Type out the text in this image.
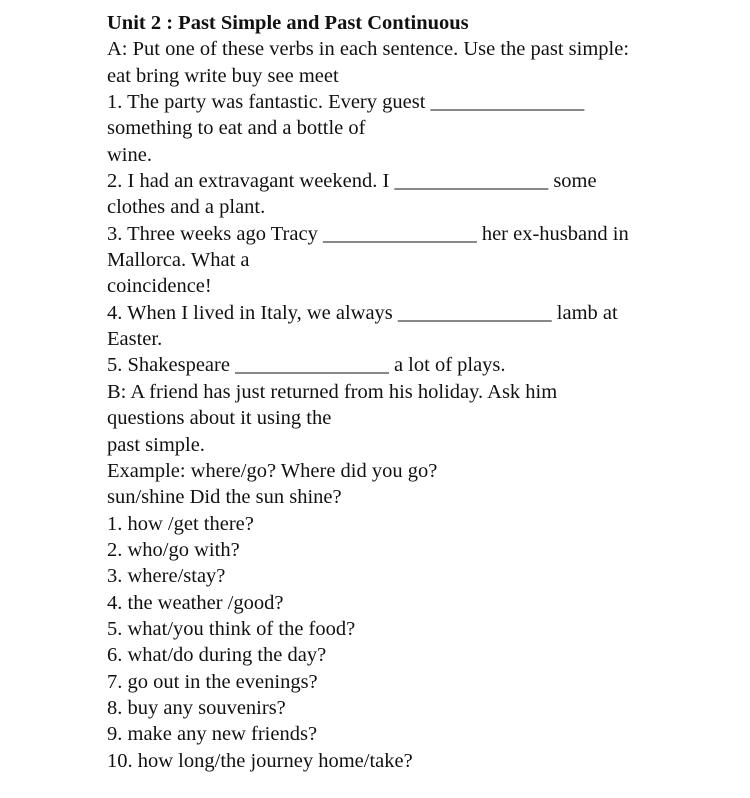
Unit 2 : Past Simple and Past Continuous
A: Put one of these verbs in each sentence. Use the past simple:
eat bring write buy see meet
1. The party was fantastic. Every guest _______________
something to eat and a bottle of
wine.
2. I had an extravagant weekend. I _______________ some
clothes and a plant.
3. Three weeks ago Tracy _______________ her ex-husband in
Mallorca. What a
coincidence!
4. When I lived in Italy, we always _______________ lamb at
Easter.
5. Shakespeare _______________ a lot of plays.
B: A friend has just returned from his holiday. Ask him
questions about it using the
past simple.
Example: where/go? Where did you go?
sun/shine Did the sun shine?
1. how /get there?
2. who/go with?
3. where/stay?
4. the weather /good?
5. what/you think of the food?
6. what/do during the day?
7. go out in the evenings?
8. buy any souvenirs?
9. make any new friends?
10. how long/the journey home/take?
